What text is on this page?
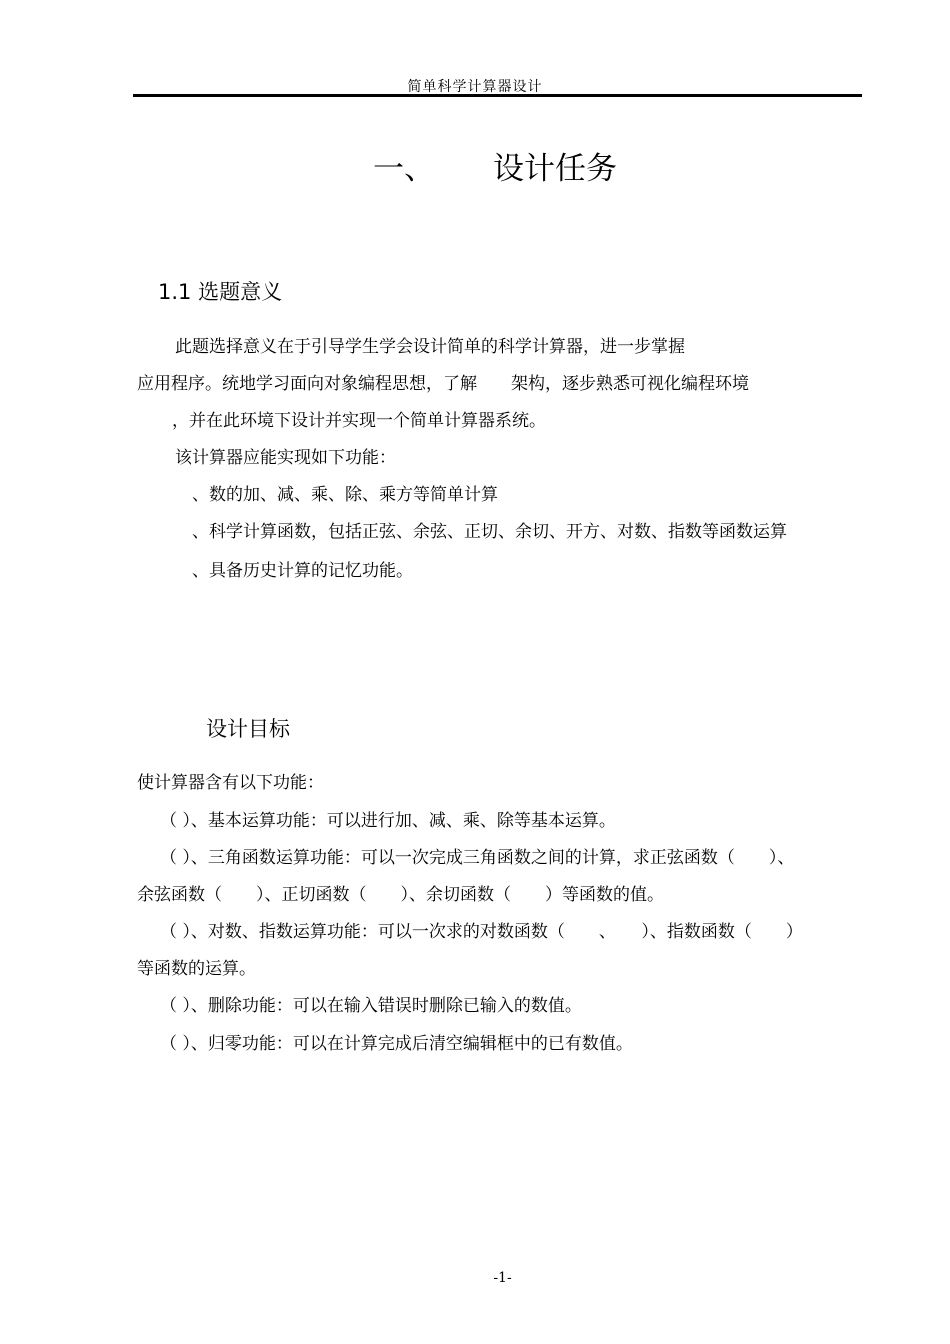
简单科学计算器设计
一、 设计任务
1.1 选题意义
此题选择意义在于引导学生学会设计简单的科学计算器，进一步掌握
应用程序。统地学习面向对象编程思想，了解　　架构，逐步熟悉可视化编程环境
，并在此环境下设计并实现一个简单计算器系统。
该计算器应能实现如下功能：
、数的加、减、乘、除、乘方等简单计算
、科学计算函数，包括正弦、余弦、正切、余切、开方、对数、指数等函数运算
、具备历史计算的记忆功能。
设计目标
使计算器含有以下功能：
（ ）、基本运算功能：可以进行加、减、乘、除等基本运算。
（ ）、三角函数运算功能：可以一次完成三角函数之间的计算，求正弦函数（　　）、
余弦函数（　　）、正切函数（　　）、余切函数（　　）等函数的值。
（ ）、对数、指数运算功能：可以一次求的对数函数（　　、　　）、指数函数（　　）
等函数的运算。
（ ）、删除功能：可以在输入错误时删除已输入的数值。
（ ）、归零功能：可以在计算完成后清空编辑框中的已有数值。
-1-
